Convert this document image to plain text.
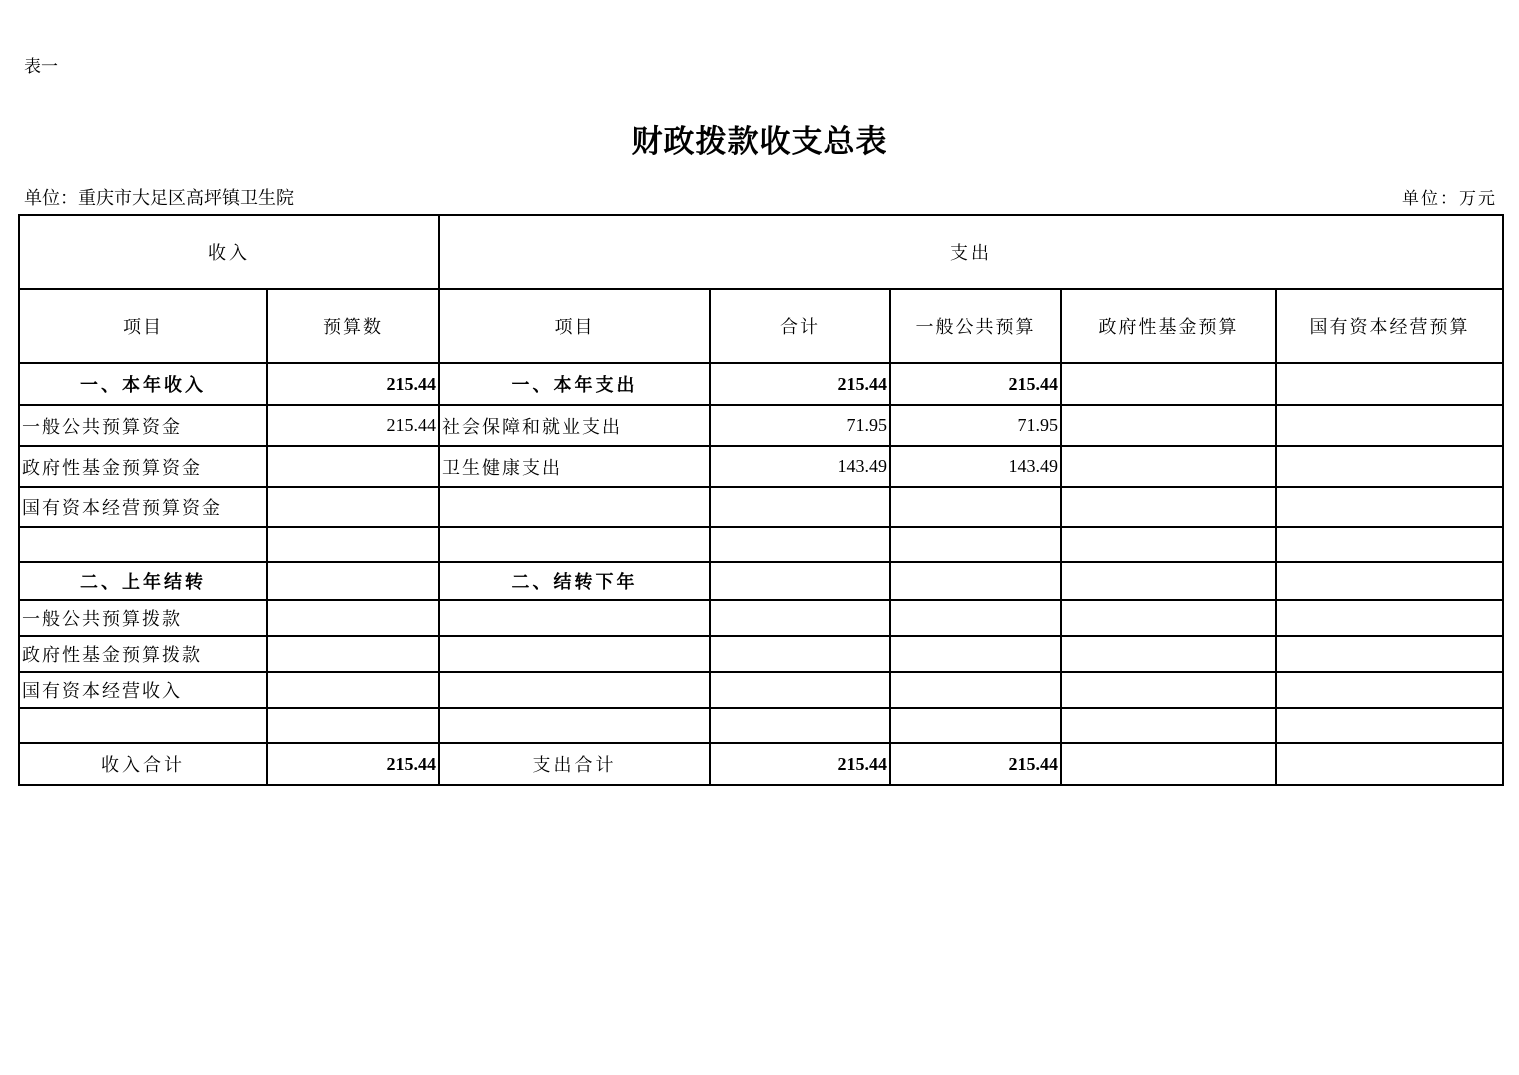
表一
财政拨款收支总表
单位：重庆市大足区高坪镇卫生院	单位：万元
收入		支出				
项目	预算数	项目	合计	一般公共预算	政府性基金预算	国有资本经营预算
一、本年收入	215.44	一、本年支出	215.44	215.44		
一般公共预算资金	215.44	社会保障和就业支出	71.95	71.95		
政府性基金预算资金		卫生健康支出	143.49	143.49		
国有资本经营预算资金						

二、上年结转		二、结转下年				
一般公共预算拨款						
政府性基金预算拨款						
国有资本经营收入						

收入合计	215.44	支出合计	215.44	215.44		
